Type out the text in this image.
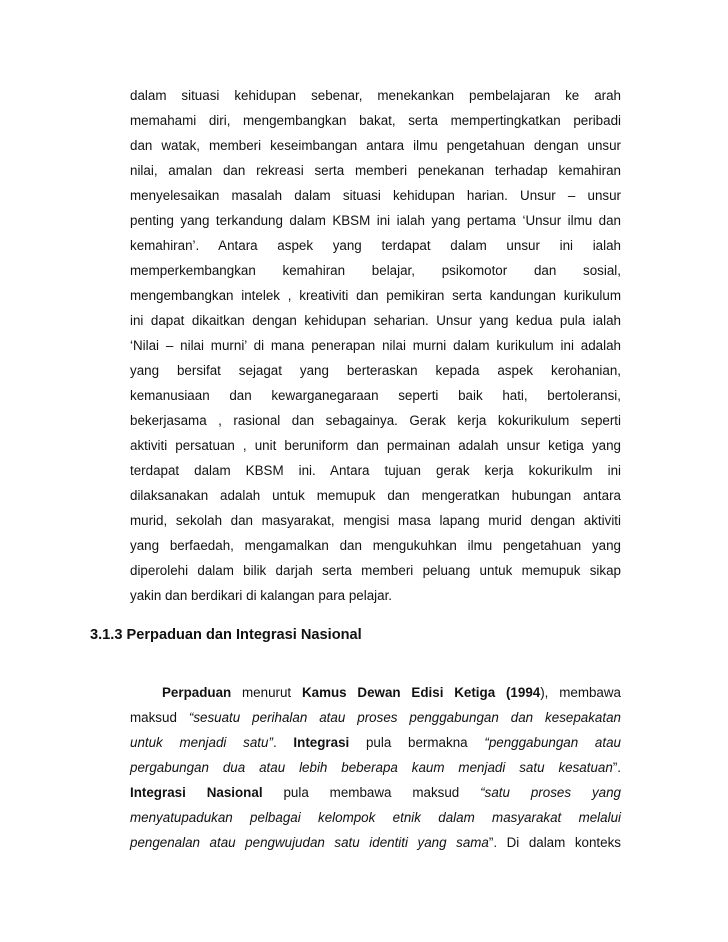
dalam situasi kehidupan sebenar, menekankan pembelajaran ke arah
memahami diri, mengembangkan bakat, serta mempertingkatkan peribadi
dan watak, memberi keseimbangan antara ilmu pengetahuan dengan unsur
nilai, amalan dan rekreasi serta memberi penekanan terhadap kemahiran
menyelesaikan masalah dalam situasi kehidupan harian. Unsur – unsur
penting yang terkandung dalam KBSM ini ialah yang pertama ‘Unsur ilmu dan
kemahiran’. Antara aspek yang terdapat dalam unsur ini ialah
memperkembangkan kemahiran belajar, psikomotor dan sosial,
mengembangkan intelek , kreativiti dan pemikiran serta kandungan kurikulum
ini dapat dikaitkan dengan kehidupan seharian. Unsur yang kedua pula ialah
‘Nilai – nilai murni’ di mana penerapan nilai murni dalam kurikulum ini adalah
yang bersifat sejagat yang berteraskan kepada aspek kerohanian,
kemanusiaan dan kewarganegaraan seperti baik hati, bertoleransi,
bekerjasama , rasional dan sebagainya. Gerak kerja kokurikulum seperti
aktiviti persatuan , unit beruniform dan permainan adalah unsur ketiga yang
terdapat dalam KBSM ini. Antara tujuan gerak kerja kokurikulm ini
dilaksanakan adalah untuk memupuk dan mengeratkan hubungan antara
murid, sekolah dan masyarakat, mengisi masa lapang murid dengan aktiviti
yang berfaedah, mengamalkan dan mengukuhkan ilmu pengetahuan yang
diperolehi dalam bilik darjah serta memberi peluang untuk memupuk sikap
yakin dan berdikari di kalangan para pelajar.
3.1.3 Perpaduan dan Integrasi Nasional
Perpaduan menurut Kamus Dewan Edisi Ketiga (1994), membawa
maksud “sesuatu perihalan atau proses penggabungan dan kesepakatan
untuk menjadi satu”. Integrasi pula bermakna “penggabungan atau
pergabungan dua atau lebih beberapa kaum menjadi satu kesatuan”.
Integrasi Nasional pula membawa maksud “satu proses yang
menyatupadukan pelbagai kelompok etnik dalam masyarakat melalui
pengenalan atau pengwujudan satu identiti yang sama”. Di dalam konteks
